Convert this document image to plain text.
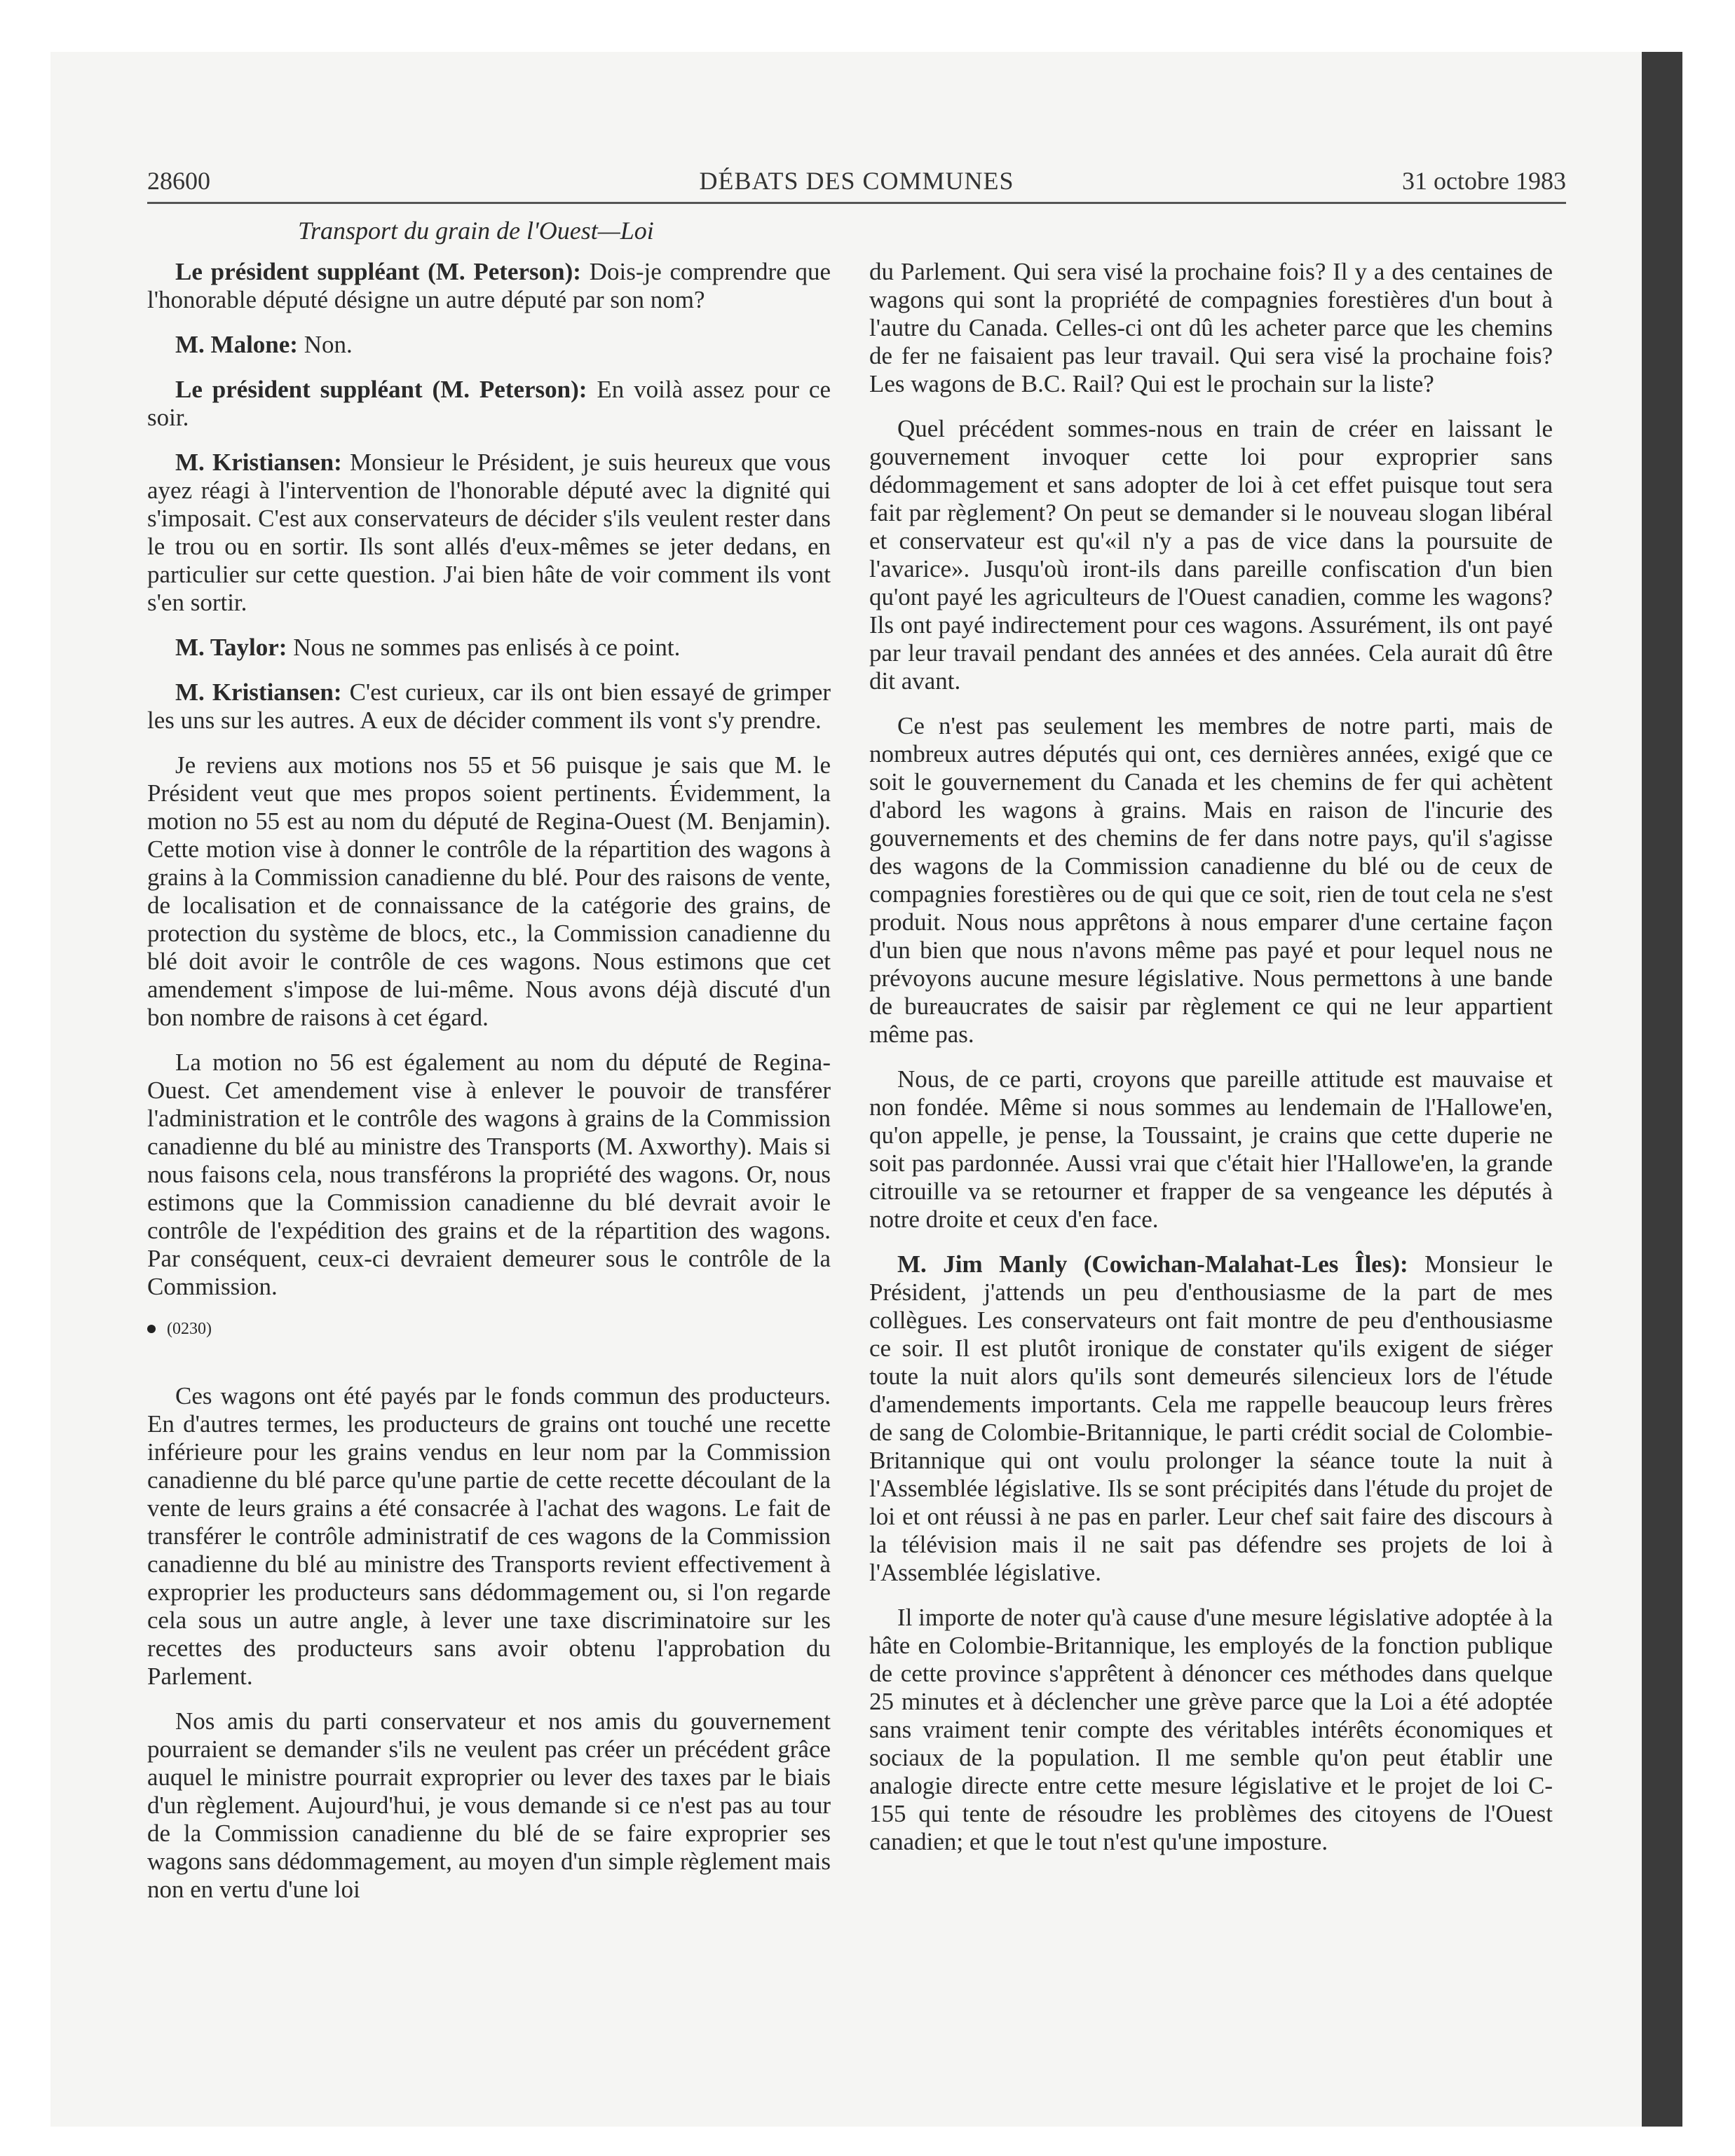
28600	DÉBATS DES COMMUNES	31 octobre 1983
Transport du grain de l'Ouest—Loi

Le président suppléant (M. Peterson): Dois-je comprendre que l'honorable député désigne un autre député par son nom?

M. Malone: Non.

Le président suppléant (M. Peterson): En voilà assez pour ce soir.

M. Kristiansen: Monsieur le Président, je suis heureux que vous ayez réagi à l'intervention de l'honorable député avec la dignité qui s'imposait. C'est aux conservateurs de décider s'ils veulent rester dans le trou ou en sortir. Ils sont allés d'eux-mêmes se jeter dedans, en particulier sur cette question. J'ai bien hâte de voir comment ils vont s'en sortir.

M. Taylor: Nous ne sommes pas enlisés à ce point.

M. Kristiansen: C'est curieux, car ils ont bien essayé de grimper les uns sur les autres. A eux de décider comment ils vont s'y prendre.

Je reviens aux motions nos 55 et 56 puisque je sais que M. le Président veut que mes propos soient pertinents. Évidemment, la motion no 55 est au nom du député de Regina-Ouest (M. Benjamin). Cette motion vise à donner le contrôle de la répartition des wagons à grains à la Commission canadienne du blé. Pour des raisons de vente, de localisation et de connaissance de la catégorie des grains, de protection du système de blocs, etc., la Commission canadienne du blé doit avoir le contrôle de ces wagons. Nous estimons que cet amendement s'impose de lui-même. Nous avons déjà discuté d'un bon nombre de raisons à cet égard.

La motion no 56 est également au nom du député de Regina-Ouest. Cet amendement vise à enlever le pouvoir de transférer l'administration et le contrôle des wagons à grains de la Commission canadienne du blé au ministre des Transports (M. Axworthy). Mais si nous faisons cela, nous transférons la propriété des wagons. Or, nous estimons que la Commission canadienne du blé devrait avoir le contrôle de l'expédition des grains et de la répartition des wagons. Par conséquent, ceux-ci devraient demeurer sous le contrôle de la Commission.

(0230)

Ces wagons ont été payés par le fonds commun des producteurs. En d'autres termes, les producteurs de grains ont touché une recette inférieure pour les grains vendus en leur nom par la Commission canadienne du blé parce qu'une partie de cette recette découlant de la vente de leurs grains a été consacrée à l'achat des wagons. Le fait de transférer le contrôle administratif de ces wagons de la Commission canadienne du blé au ministre des Transports revient effectivement à exproprier les producteurs sans dédommagement ou, si l'on regarde cela sous un autre angle, à lever une taxe discriminatoire sur les recettes des producteurs sans avoir obtenu l'approbation du Parlement.

Nos amis du parti conservateur et nos amis du gouvernement pourraient se demander s'ils ne veulent pas créer un précédent grâce auquel le ministre pourrait exproprier ou lever des taxes par le biais d'un règlement. Aujourd'hui, je vous demande si ce n'est pas au tour de la Commission canadienne du blé de se faire exproprier ses wagons sans dédommagement, au moyen d'un simple règlement mais non en vertu d'une loi

du Parlement. Qui sera visé la prochaine fois? Il y a des centaines de wagons qui sont la propriété de compagnies forestières d'un bout à l'autre du Canada. Celles-ci ont dû les acheter parce que les chemins de fer ne faisaient pas leur travail. Qui sera visé la prochaine fois? Les wagons de B.C. Rail? Qui est le prochain sur la liste?

Quel précédent sommes-nous en train de créer en laissant le gouvernement invoquer cette loi pour exproprier sans dédommagement et sans adopter de loi à cet effet puisque tout sera fait par règlement? On peut se demander si le nouveau slogan libéral et conservateur est qu'«il n'y a pas de vice dans la poursuite de l'avarice». Jusqu'où iront-ils dans pareille confiscation d'un bien qu'ont payé les agriculteurs de l'Ouest canadien, comme les wagons? Ils ont payé indirectement pour ces wagons. Assurément, ils ont payé par leur travail pendant des années et des années. Cela aurait dû être dit avant.

Ce n'est pas seulement les membres de notre parti, mais de nombreux autres députés qui ont, ces dernières années, exigé que ce soit le gouvernement du Canada et les chemins de fer qui achètent d'abord les wagons à grains. Mais en raison de l'incurie des gouvernements et des chemins de fer dans notre pays, qu'il s'agisse des wagons de la Commission canadienne du blé ou de ceux de compagnies forestières ou de qui que ce soit, rien de tout cela ne s'est produit. Nous nous apprêtons à nous emparer d'une certaine façon d'un bien que nous n'avons même pas payé et pour lequel nous ne prévoyons aucune mesure législative. Nous permettons à une bande de bureaucrates de saisir par règlement ce qui ne leur appartient même pas.

Nous, de ce parti, croyons que pareille attitude est mauvaise et non fondée. Même si nous sommes au lendemain de l'Hallowe'en, qu'on appelle, je pense, la Toussaint, je crains que cette duperie ne soit pas pardonnée. Aussi vrai que c'était hier l'Hallowe'en, la grande citrouille va se retourner et frapper de sa vengeance les députés à notre droite et ceux d'en face.

M. Jim Manly (Cowichan-Malahat-Les Îles): Monsieur le Président, j'attends un peu d'enthousiasme de la part de mes collègues. Les conservateurs ont fait montre de peu d'enthousiasme ce soir. Il est plutôt ironique de constater qu'ils exigent de siéger toute la nuit alors qu'ils sont demeurés silencieux lors de l'étude d'amendements importants. Cela me rappelle beaucoup leurs frères de sang de Colombie-Britannique, le parti crédit social de Colombie-Britannique qui ont voulu prolonger la séance toute la nuit à l'Assemblée législative. Ils se sont précipités dans l'étude du projet de loi et ont réussi à ne pas en parler. Leur chef sait faire des discours à la télévision mais il ne sait pas défendre ses projets de loi à l'Assemblée législative.

Il importe de noter qu'à cause d'une mesure législative adoptée à la hâte en Colombie-Britannique, les employés de la fonction publique de cette province s'apprêtent à dénoncer ces méthodes dans quelque 25 minutes et à déclencher une grève parce que la Loi a été adoptée sans vraiment tenir compte des véritables intérêts économiques et sociaux de la population. Il me semble qu'on peut établir une analogie directe entre cette mesure législative et le projet de loi C-155 qui tente de résoudre les problèmes des citoyens de l'Ouest canadien; et que le tout n'est qu'une imposture.
